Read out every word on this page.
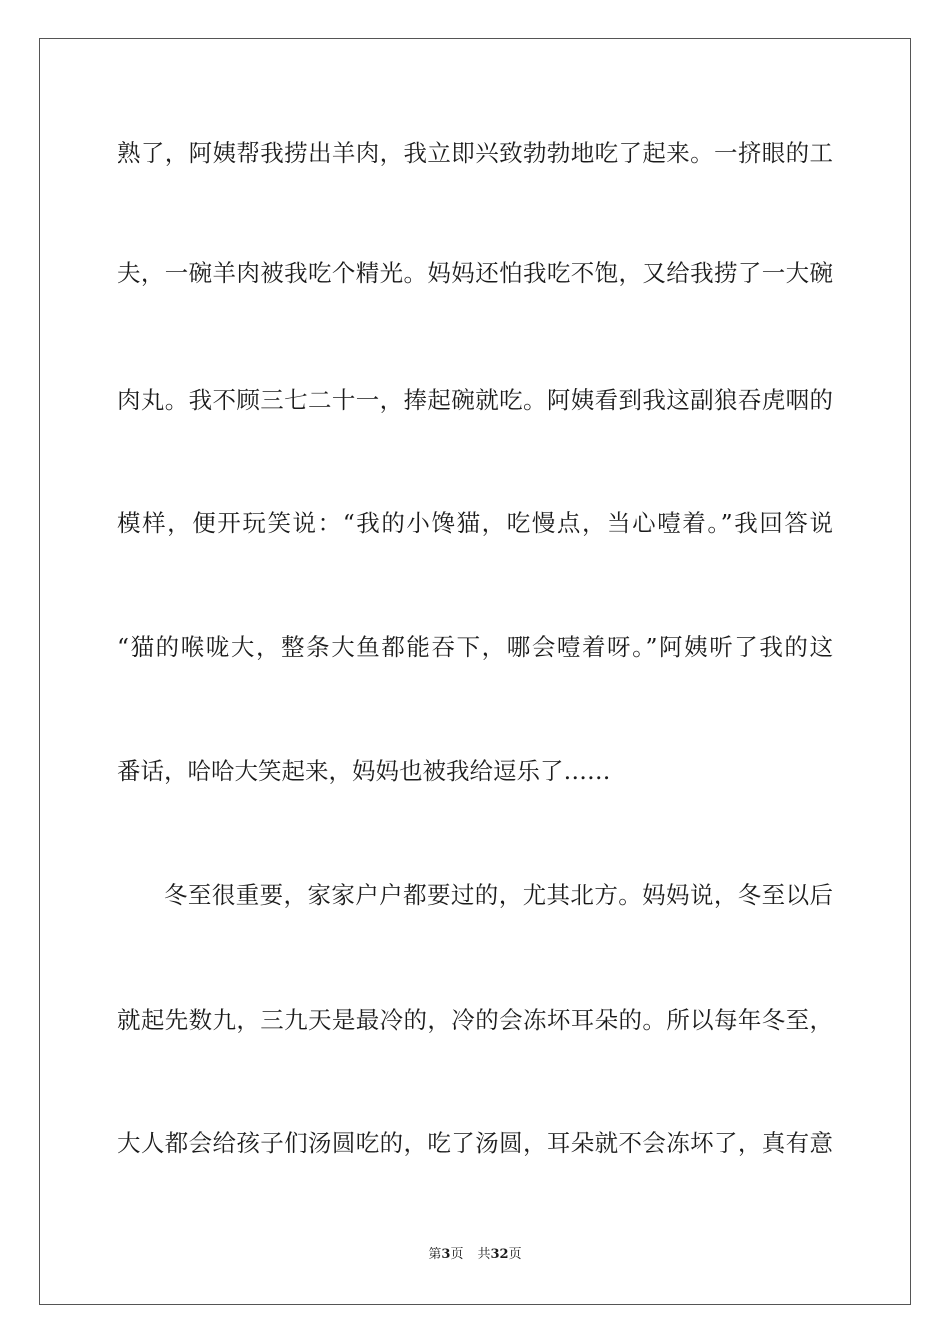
熟了，阿姨帮我捞出羊肉，我立即兴致勃勃地吃了起来。一挤眼的工
夫，一碗羊肉被我吃个精光。妈妈还怕我吃不饱，又给我捞了一大碗
肉丸。我不顾三七二十一，捧起碗就吃。阿姨看到我这副狼吞虎咽的
模样，便开玩笑说：“我的小馋猫，吃慢点，当心噎着。”我回答说
“猫的喉咙大，整条大鱼都能吞下，哪会噎着呀。”阿姨听了我的这
番话，哈哈大笑起来，妈妈也被我给逗乐了……
冬至很重要，家家户户都要过的，尤其北方。妈妈说，冬至以后
就起先数九，三九天是最冷的，冷的会冻坏耳朵的。所以每年冬至，
大人都会给孩子们汤圆吃的，吃了汤圆，耳朵就不会冻坏了，真有意
第3页 共32页
